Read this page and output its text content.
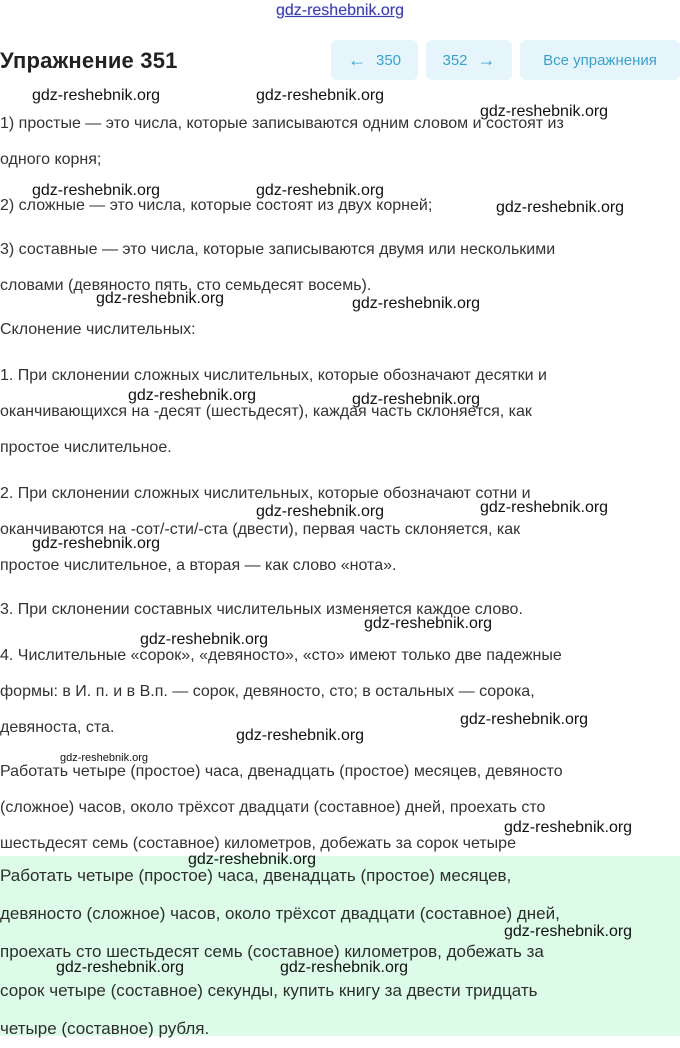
gdz-reshebnik.org
Упражнение 351	← 350	352 →	Все упражнения

1) простые — это числа, которые записываются одним словом и состоят из

одного корня;

2) сложные — это числа, которые состоят из двух корней;

3) составные — это числа, которые записываются двумя или несколькими

словами (девяносто пять, сто семьдесят восемь).

Склонение числительных:

1. При склонении сложных числительных, которые обозначают десятки и

оканчивающихся на -десят (шестьдесят), каждая часть склоняется, как

простое числительное.

2. При склонении сложных числительных, которые обозначают сотни и

оканчиваются на -сот/-сти/-ста (двести), первая часть склоняется, как

простое числительное, а вторая — как слово «нота».

3. При склонении составных числительных изменяется каждое слово.

4. Числительные «сорок», «девяносто», «сто» имеют только две падежные

формы: в И. п. и в В.п. — сорок, девяносто, сто; в остальных — сорока,

девяноста, ста.

Работать четыре (простое) часа, двенадцать (простое) месяцев, девяносто

(сложное) часов, около трёхсот двадцати (составное) дней, проехать сто

шестьдесят семь (составное) километров, добежать за сорок четыре

Работать четыре (простое) часа, двенадцать (простое) месяцев,
девяносто (сложное) часов, около трёхсот двадцати (составное) дней,
проехать сто шестьдесят семь (составное) километров, добежать за
сорок четыре (составное) секунды, купить книгу за двести тридцать
четыре (составное) рубля.
gdz-reshebnik.org	gdz-reshebnik.org
gdz-reshebnik.org
gdz-reshebnik.org	gdz-reshebnik.org
gdz-reshebnik.org
gdz-reshebnik.org	gdz-reshebnik.org
gdz-reshebnik.org	gdz-reshebnik.org
gdz-reshebnik.org	gdz-reshebnik.org
gdz-reshebnik.org
gdz-reshebnik.org
gdz-reshebnik.org
gdz-reshebnik.org
gdz-reshebnik.org
gdz-reshebnik.org
gdz-reshebnik.org
gdz-reshebnik.org
gdz-reshebnik.org
gdz-reshebnik.org	gdz-reshebnik.org
